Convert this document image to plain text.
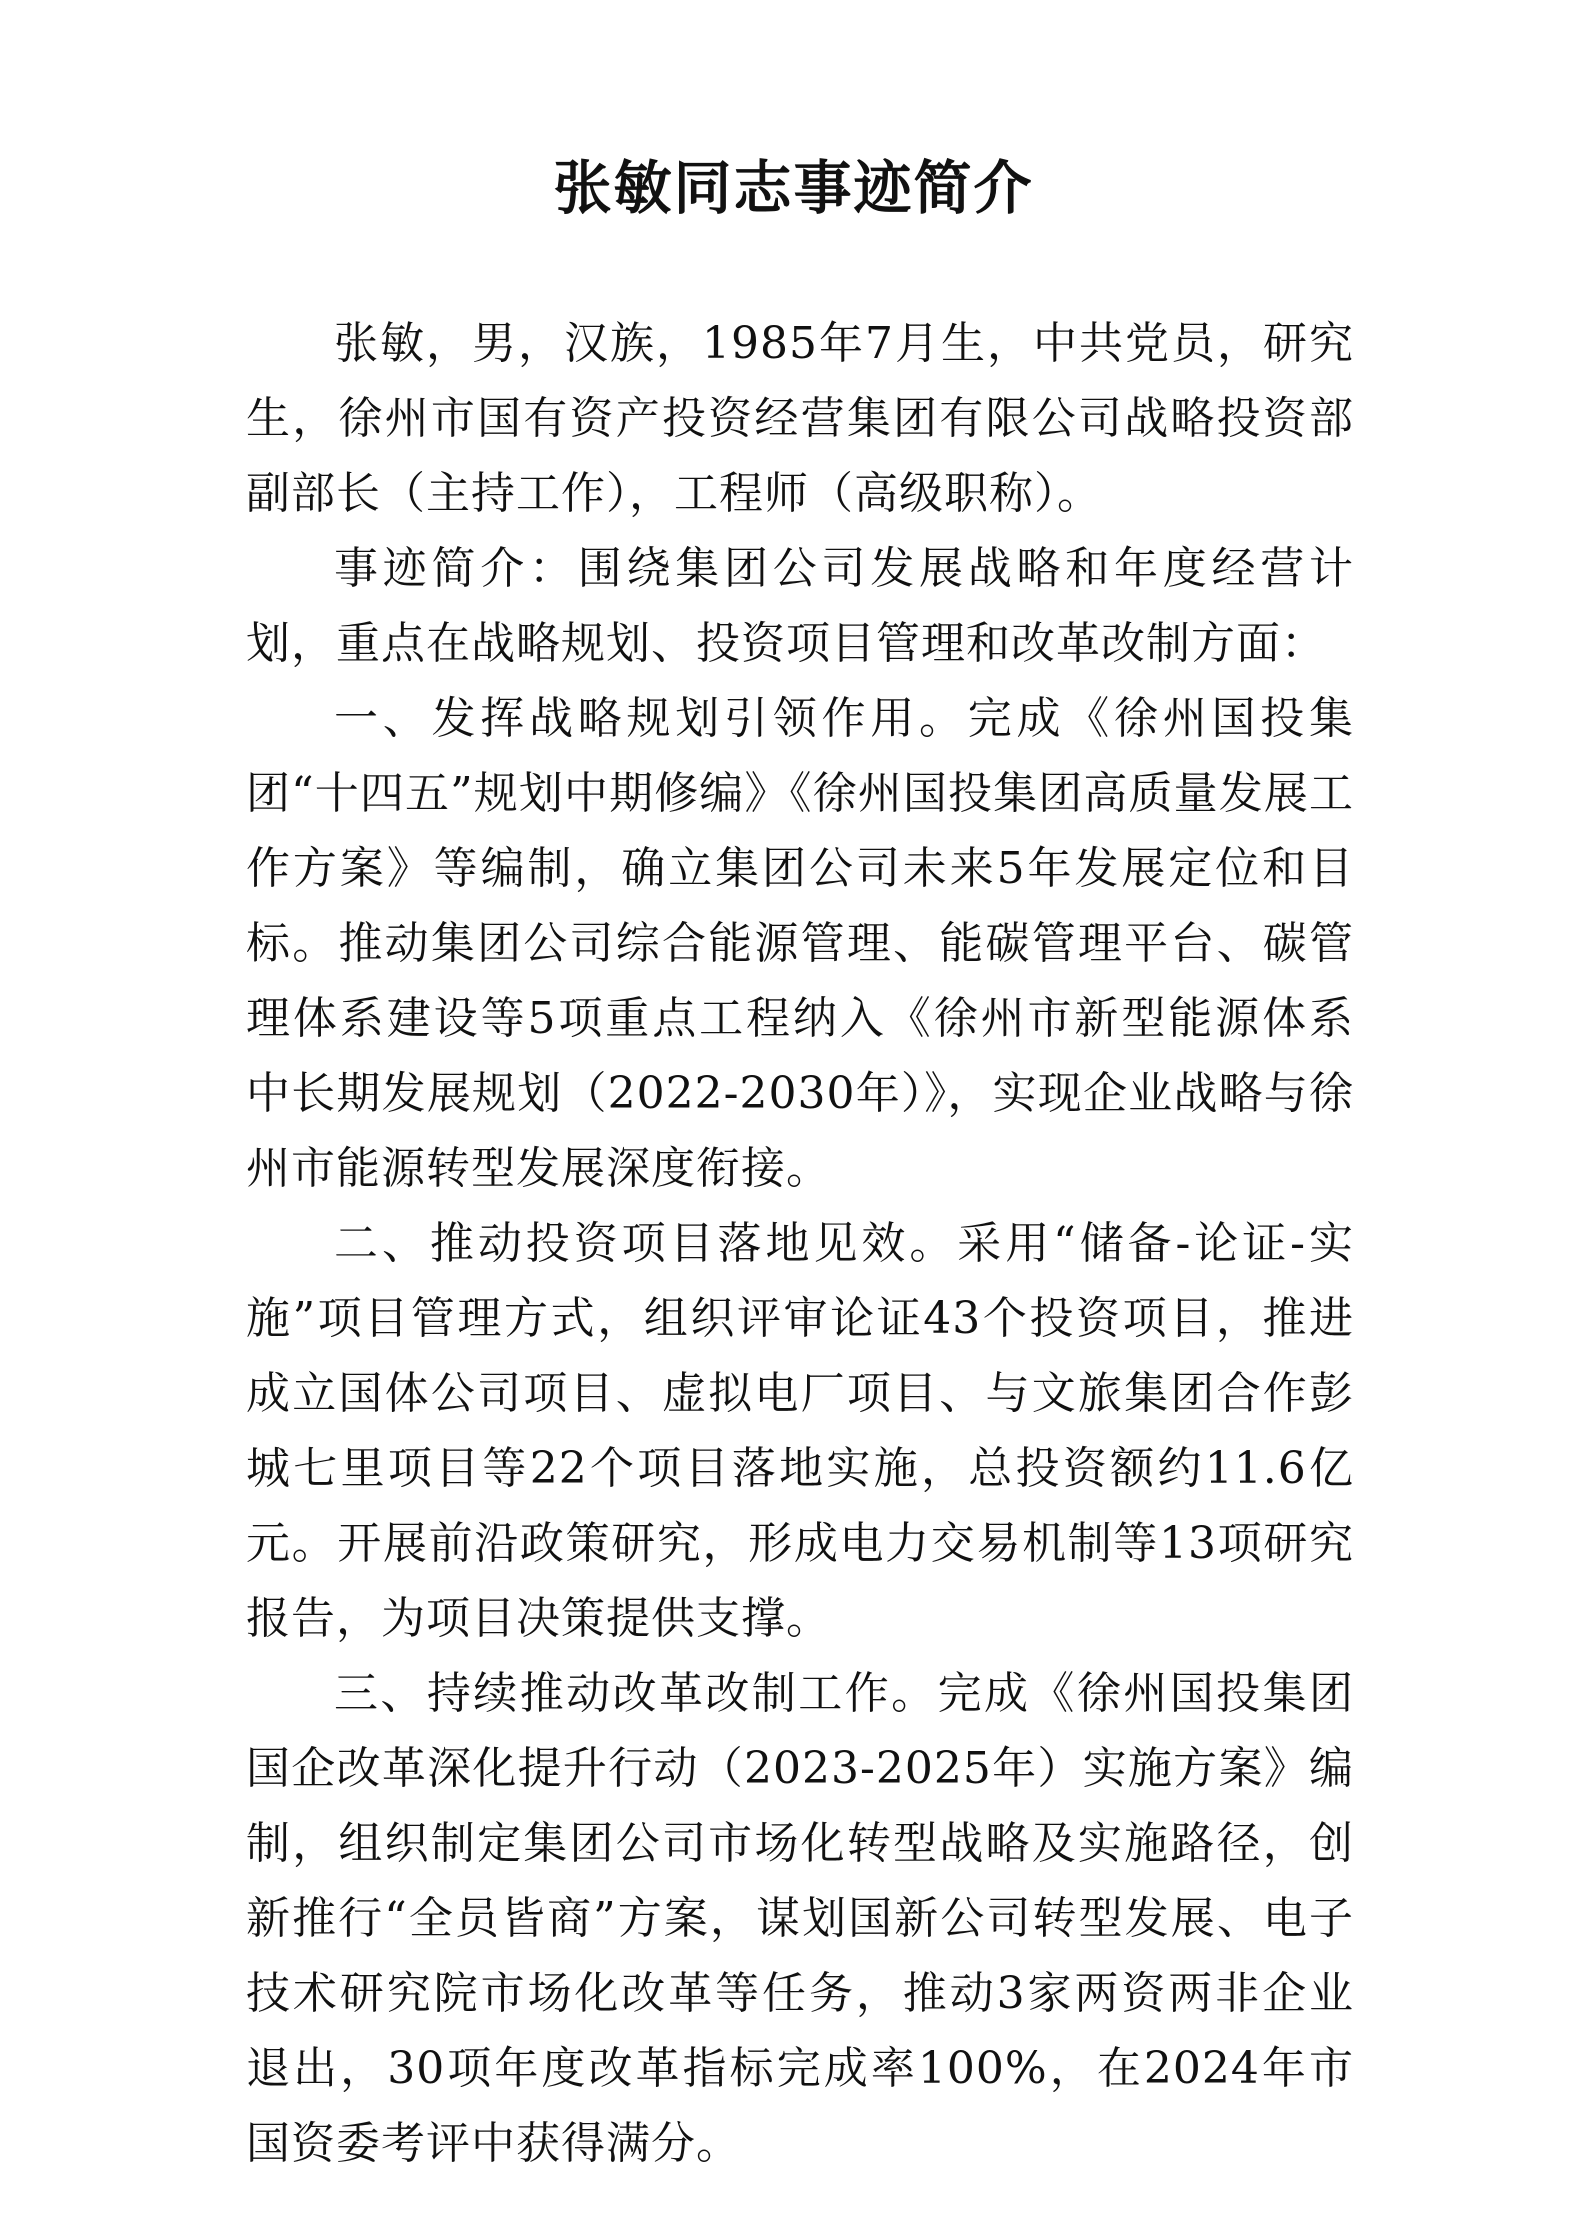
张敏同志事迹简介

张敏，男，汉族，1985年7月生，中共党员，研究生，徐州市国有资产投资经营集团有限公司战略投资部副部长（主持工作），工程师（高级职称）。

事迹简介：围绕集团公司发展战略和年度经营计划，重点在战略规划、投资项目管理和改革改制方面：

一、发挥战略规划引领作用。完成《徐州国投集团“十四五”规划中期修编》《徐州国投集团高质量发展工作方案》等编制，确立集团公司未来5年发展定位和目标。推动集团公司综合能源管理、能碳管理平台、碳管理体系建设等5项重点工程纳入《徐州市新型能源体系中长期发展规划（2022-2030年）》，实现企业战略与徐州市能源转型发展深度衔接。

二、推动投资项目落地见效。采用“储备-论证-实施”项目管理方式，组织评审论证43个投资项目，推进成立国体公司项目、虚拟电厂项目、与文旅集团合作彭城七里项目等22个项目落地实施，总投资额约11.6亿元。开展前沿政策研究，形成电力交易机制等13项研究报告，为项目决策提供支撑。

三、持续推动改革改制工作。完成《徐州国投集团国企改革深化提升行动（2023-2025年）实施方案》编制，组织制定集团公司市场化转型战略及实施路径，创新推行“全员皆商”方案，谋划国新公司转型发展、电子技术研究院市场化改革等任务，推动3家两资两非企业退出，30项年度改革指标完成率100%，在2024年市国资委考评中获得满分。
